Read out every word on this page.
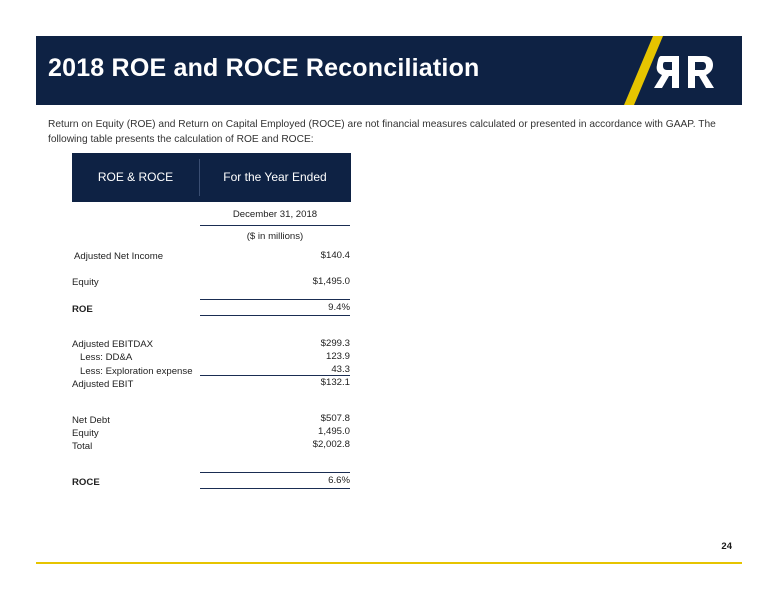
2018 ROE and ROCE Reconciliation
Return on Equity (ROE) and Return on Capital Employed (ROCE) are not financial measures calculated or presented in accordance with GAAP. The following table presents the calculation of ROE and ROCE:
ROE & ROCE	For the Year Ended
December 31, 2018
($ in millions)
Adjusted Net Income	$140.4
Equity	$1,495.0
ROE	9.4%
Adjusted EBITDAX	$299.3
Less: DD&A	123.9
Less: Exploration expense	43.3
Adjusted EBIT	$132.1
Net Debt	$507.8
Equity	1,495.0
Total	$2,002.8
ROCE	6.6%
24
